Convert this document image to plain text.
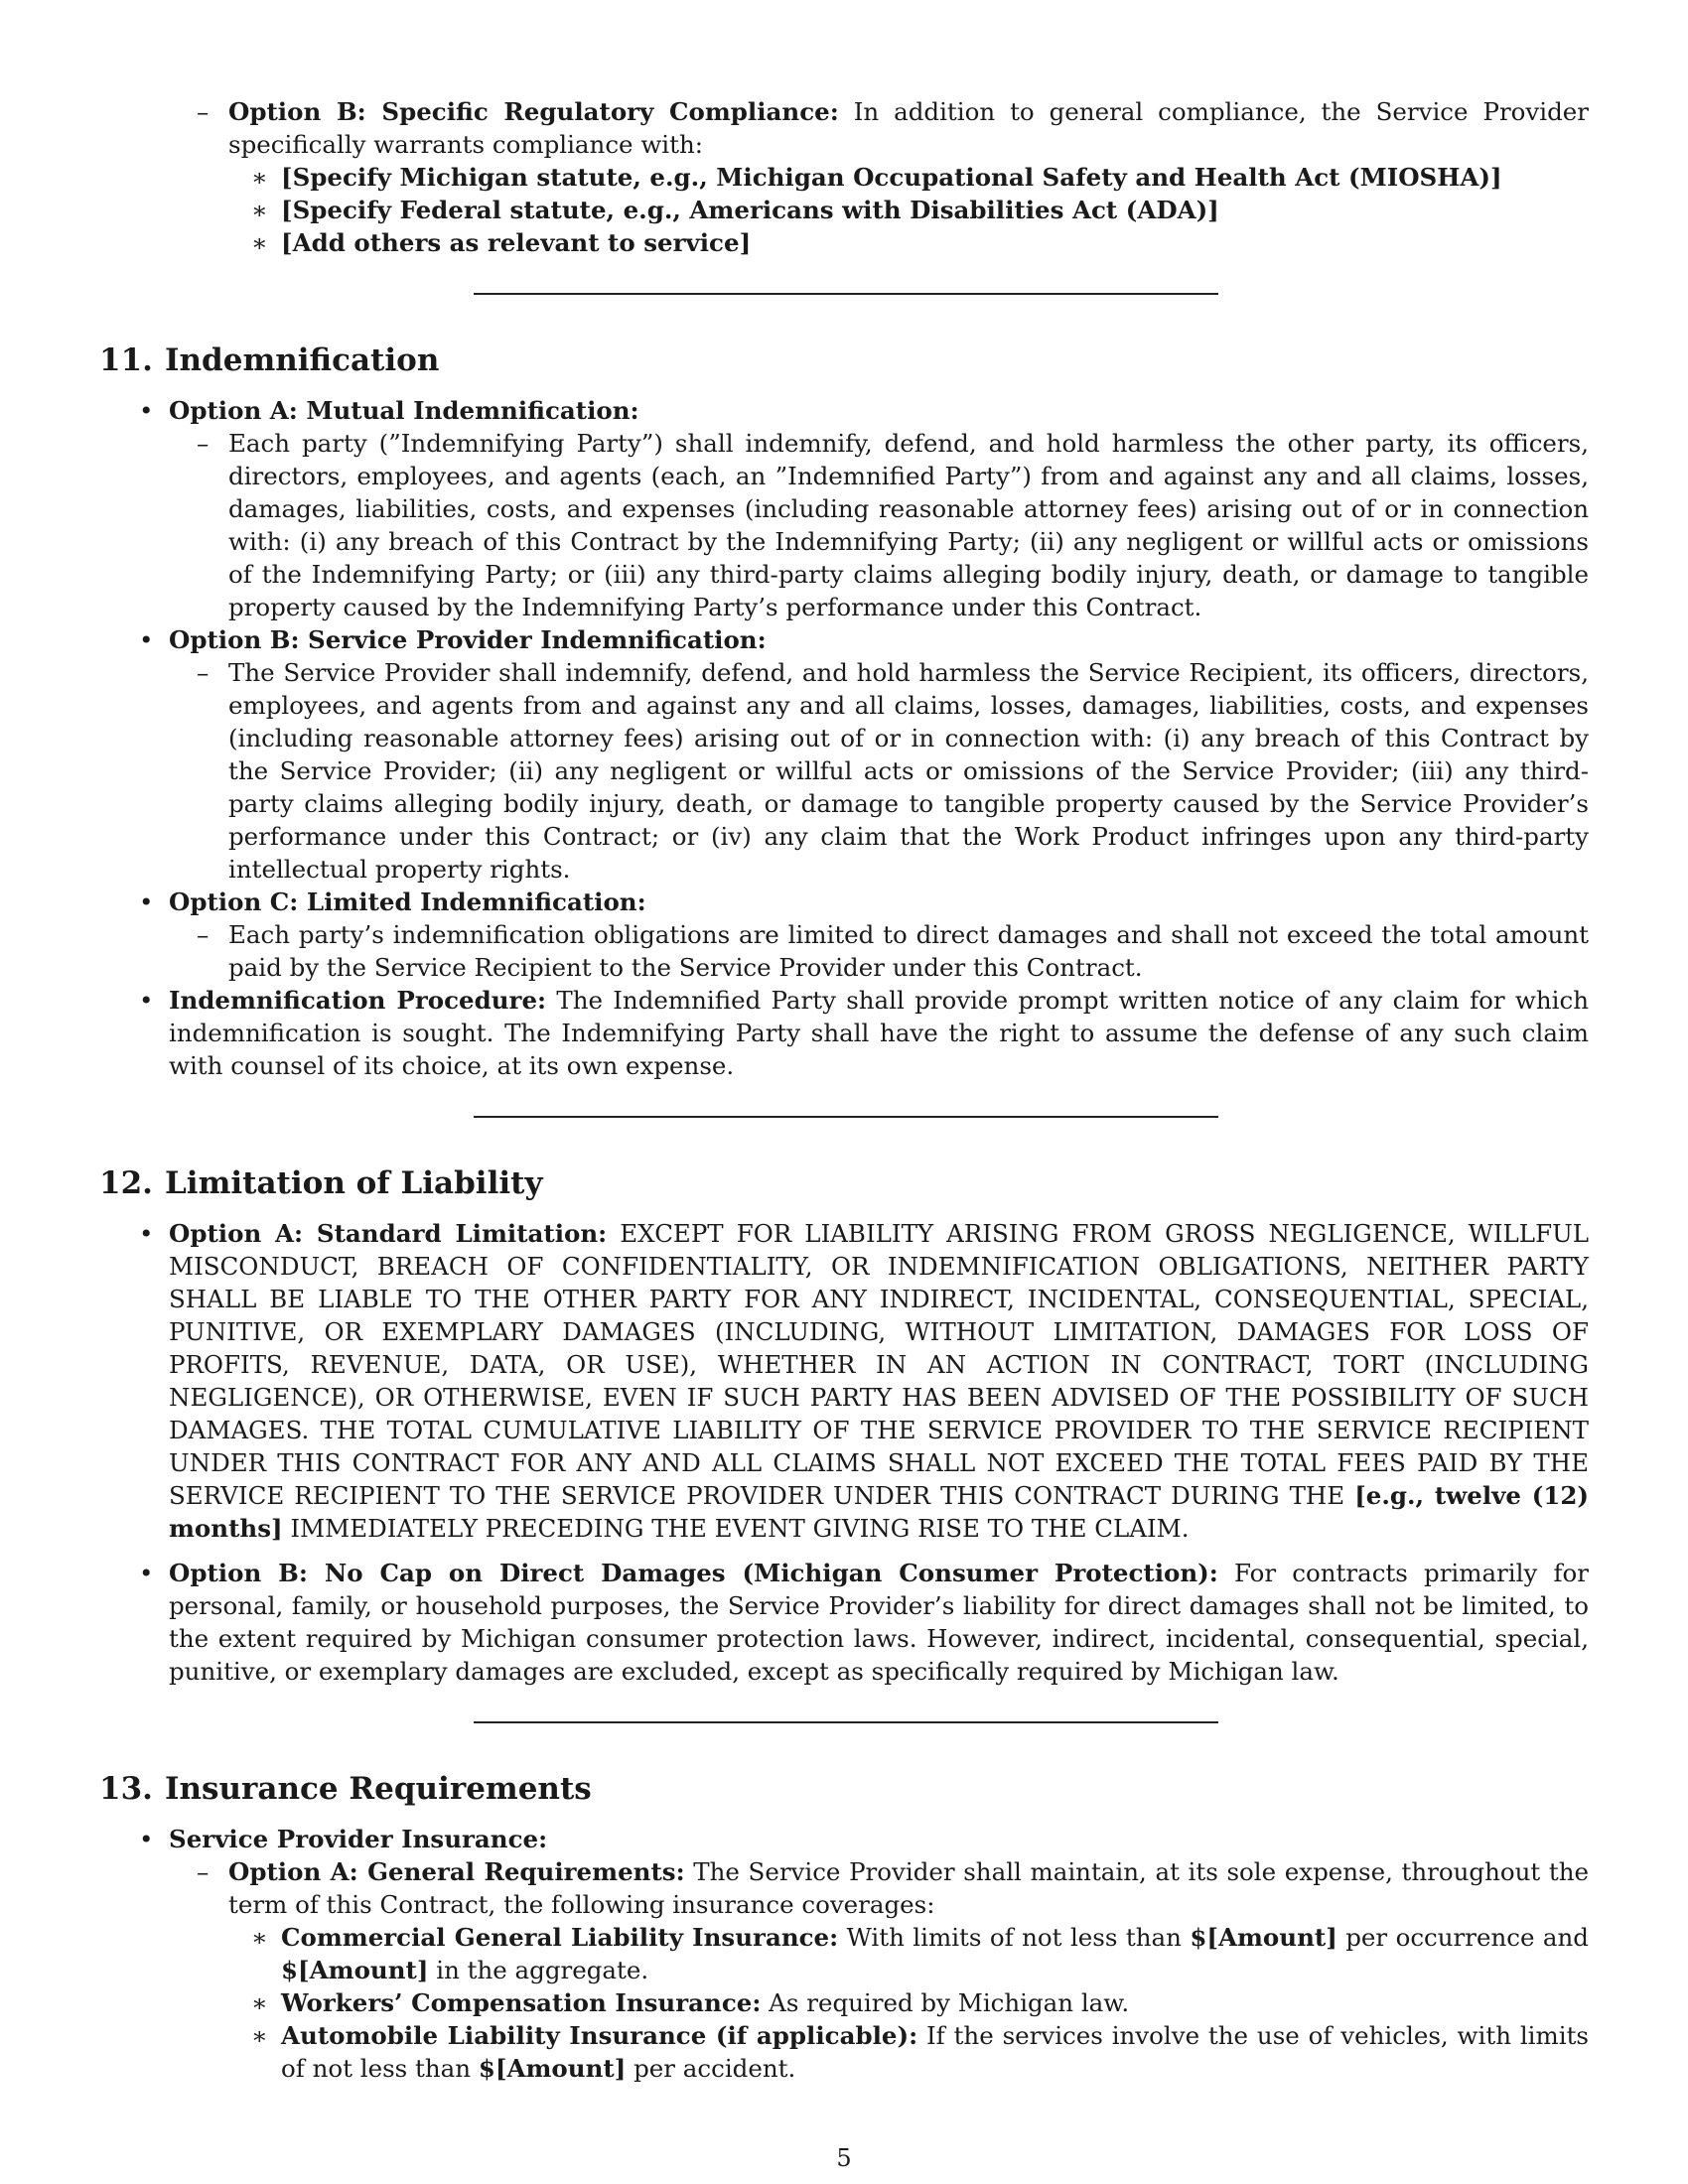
– Option B: Specific Regulatory Compliance: In addition to general compliance, the Service Provider specifically warrants compliance with:
∗ [Specify Michigan statute, e.g., Michigan Occupational Safety and Health Act (MIOSHA)]
∗ [Specify Federal statute, e.g., Americans with Disabilities Act (ADA)]
∗ [Add others as relevant to service]
11. Indemnification
• Option A: Mutual Indemnification:
– Each party (”Indemnifying Party”) shall indemnify, defend, and hold harmless the other party, its officers, directors, employees, and agents (each, an ”Indemnified Party”) from and against any and all claims, losses, damages, liabilities, costs, and expenses (including reasonable attorney fees) arising out of or in connection with: (i) any breach of this Contract by the Indemnifying Party; (ii) any negligent or willful acts or omissions of the Indemnifying Party; or (iii) any third-party claims alleging bodily injury, death, or damage to tangible property caused by the Indemnifying Party’s performance under this Contract.
• Option B: Service Provider Indemnification:
– The Service Provider shall indemnify, defend, and hold harmless the Service Recipient, its officers, directors, employees, and agents from and against any and all claims, losses, damages, liabilities, costs, and expenses (including reasonable attorney fees) arising out of or in connection with: (i) any breach of this Contract by the Service Provider; (ii) any negligent or willful acts or omissions of the Service Provider; (iii) any third-party claims alleging bodily injury, death, or damage to tangible property caused by the Service Provider’s performance under this Contract; or (iv) any claim that the Work Product infringes upon any third-party intellectual property rights.
• Option C: Limited Indemnification:
– Each party’s indemnification obligations are limited to direct damages and shall not exceed the total amount paid by the Service Recipient to the Service Provider under this Contract.
• Indemnification Procedure: The Indemnified Party shall provide prompt written notice of any claim for which indemnification is sought. The Indemnifying Party shall have the right to assume the defense of any such claim with counsel of its choice, at its own expense.
12. Limitation of Liability
• Option A: Standard Limitation: EXCEPT FOR LIABILITY ARISING FROM GROSS NEGLIGENCE, WILLFUL MISCONDUCT, BREACH OF CONFIDENTIALITY, OR INDEMNIFICATION OBLIGATIONS, NEITHER PARTY SHALL BE LIABLE TO THE OTHER PARTY FOR ANY INDIRECT, INCIDENTAL, CONSEQUENTIAL, SPECIAL, PUNITIVE, OR EXEMPLARY DAMAGES (INCLUDING, WITHOUT LIMITATION, DAMAGES FOR LOSS OF PROFITS, REVENUE, DATA, OR USE), WHETHER IN AN ACTION IN CONTRACT, TORT (INCLUDING NEGLIGENCE), OR OTHERWISE, EVEN IF SUCH PARTY HAS BEEN ADVISED OF THE POSSIBILITY OF SUCH DAMAGES. THE TOTAL CUMULATIVE LIABILITY OF THE SERVICE PROVIDER TO THE SERVICE RECIPIENT UNDER THIS CONTRACT FOR ANY AND ALL CLAIMS SHALL NOT EXCEED THE TOTAL FEES PAID BY THE SERVICE RECIPIENT TO THE SERVICE PROVIDER UNDER THIS CONTRACT DURING THE [e.g., twelve (12) months] IMMEDIATELY PRECEDING THE EVENT GIVING RISE TO THE CLAIM.
• Option B: No Cap on Direct Damages (Michigan Consumer Protection): For contracts primarily for personal, family, or household purposes, the Service Provider’s liability for direct damages shall not be limited, to the extent required by Michigan consumer protection laws. However, indirect, incidental, consequential, special, punitive, or exemplary damages are excluded, except as specifically required by Michigan law.
13. Insurance Requirements
• Service Provider Insurance:
– Option A: General Requirements: The Service Provider shall maintain, at its sole expense, throughout the term of this Contract, the following insurance coverages:
∗ Commercial General Liability Insurance: With limits of not less than $[Amount] per occurrence and $[Amount] in the aggregate.
∗ Workers’ Compensation Insurance: As required by Michigan law.
∗ Automobile Liability Insurance (if applicable): If the services involve the use of vehicles, with limits of not less than $[Amount] per accident.
5
